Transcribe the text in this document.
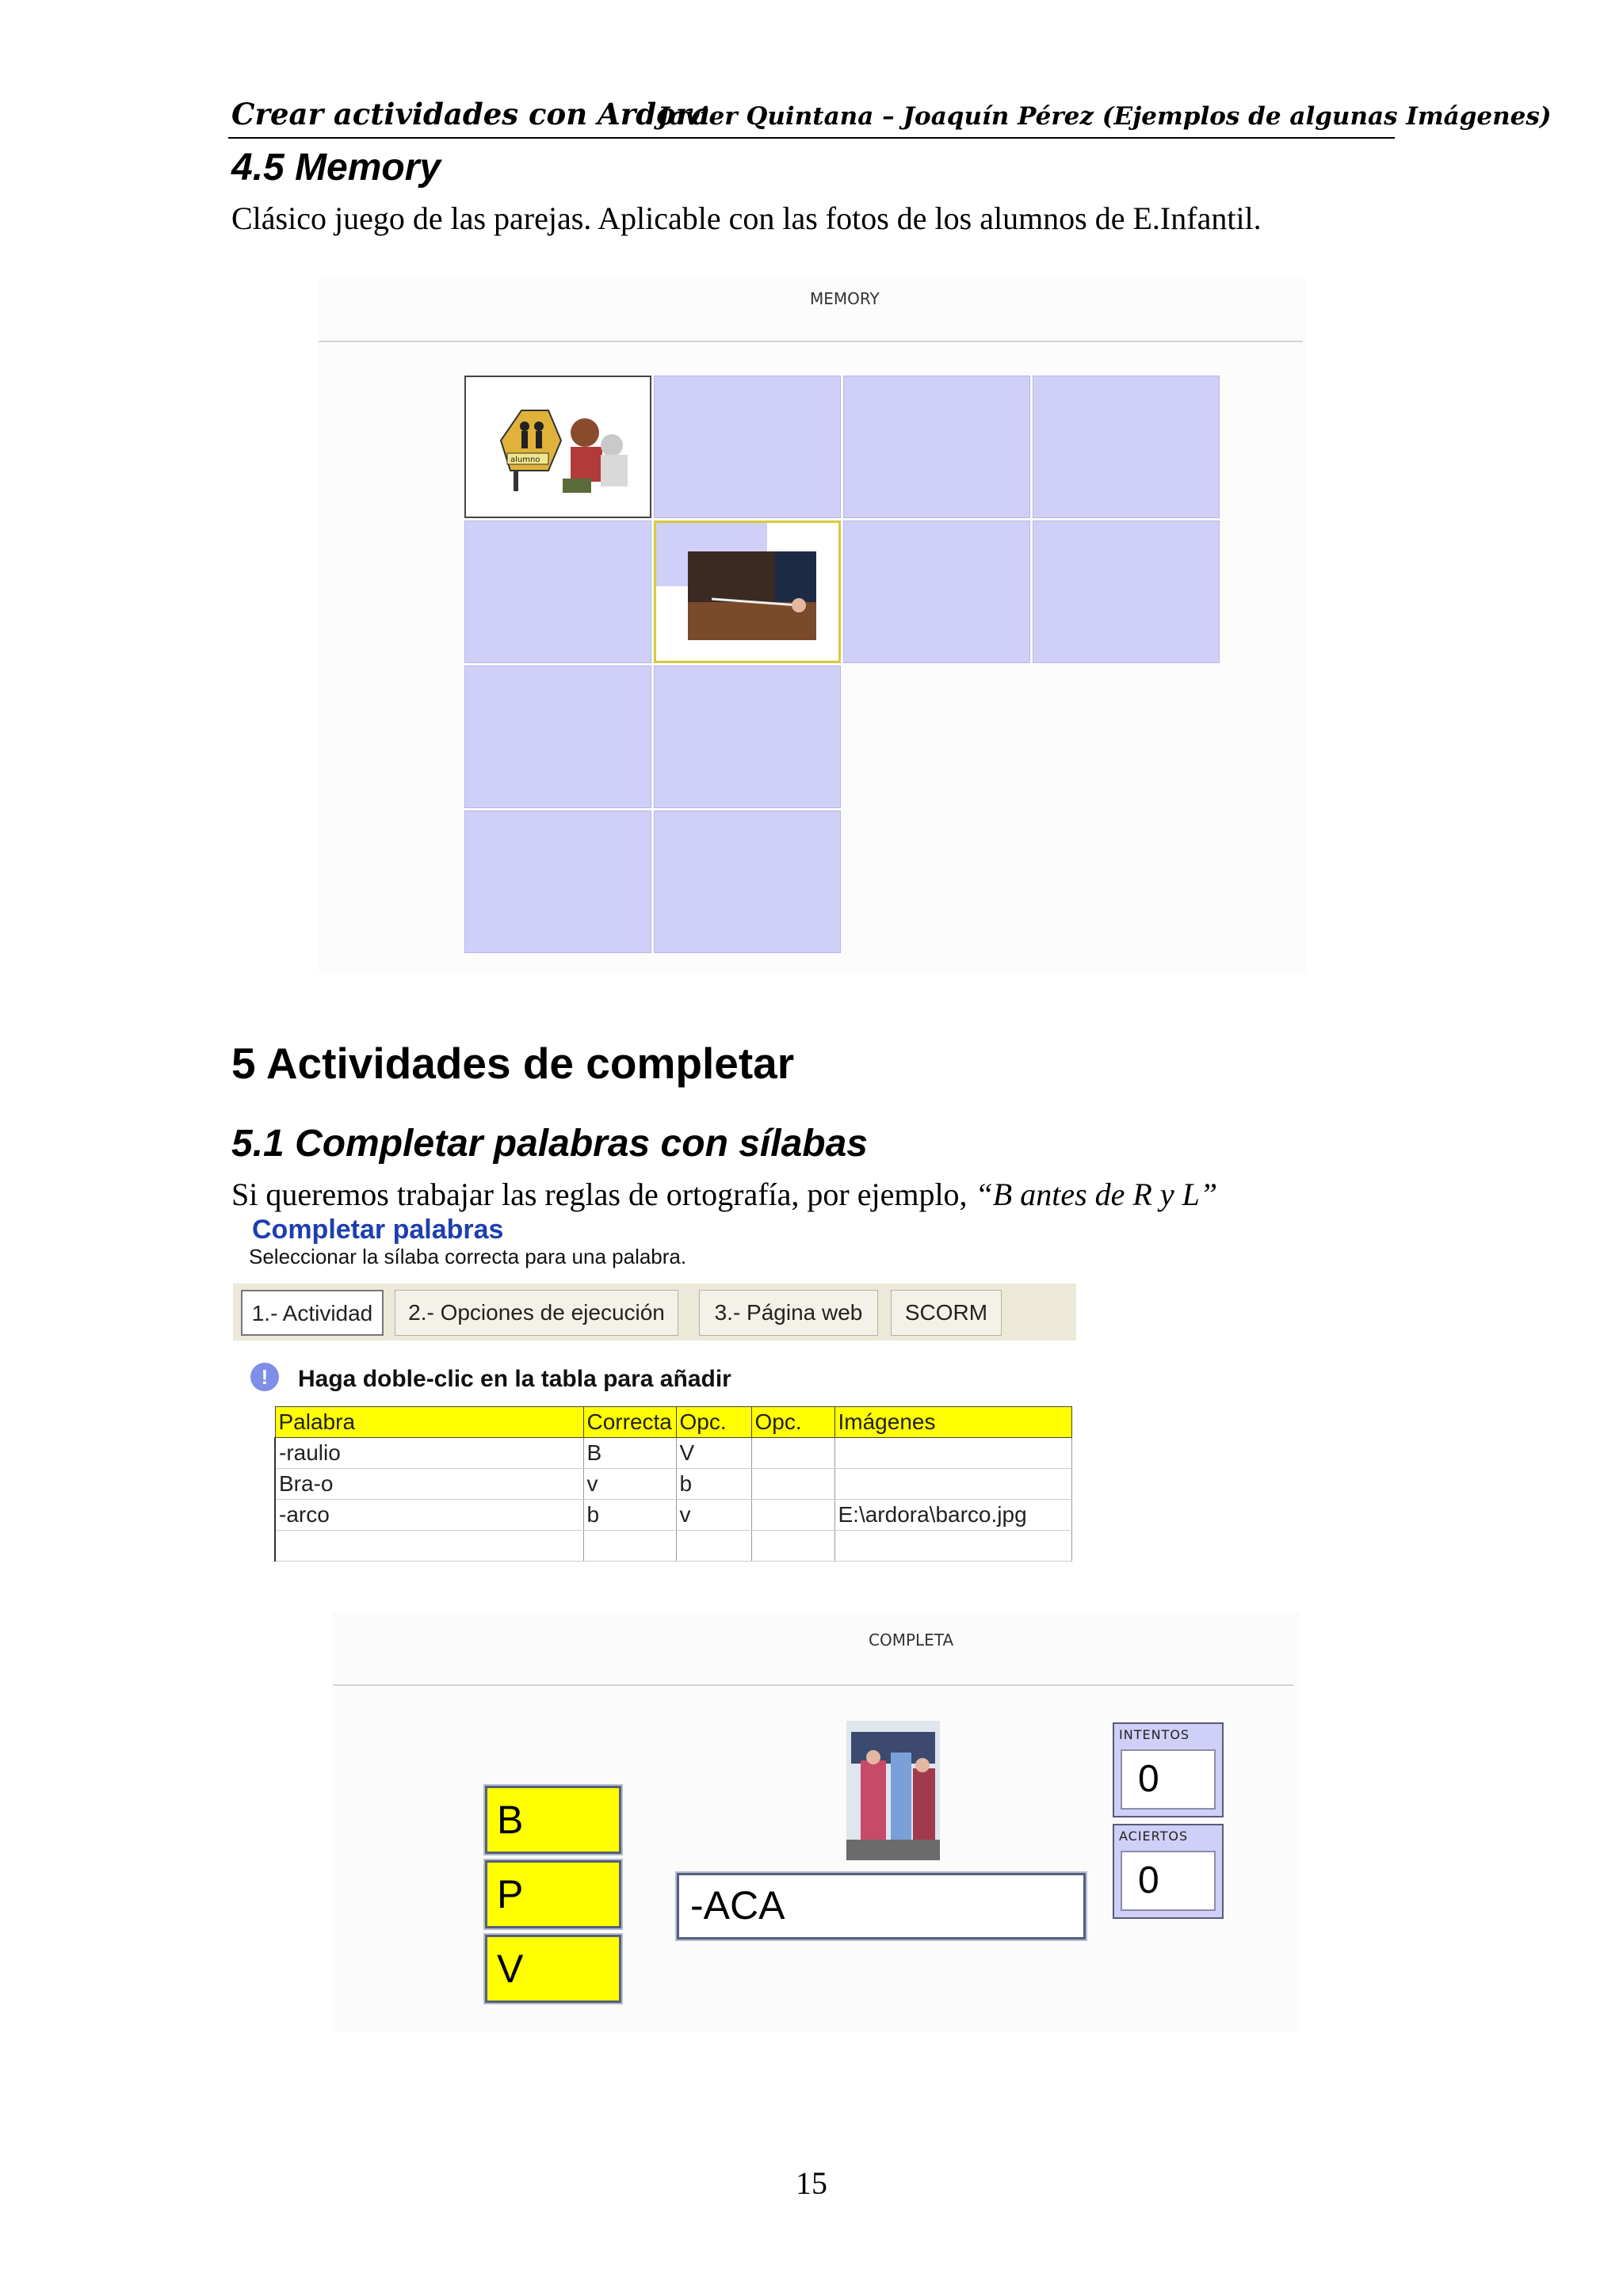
Crear actividades con Ardora
Javier Quintana – Joaquín Pérez (Ejemplos de algunas Imágenes)
4.5 Memory
Clásico juego de las parejas. Aplicable con las fotos de los alumnos de E.Infantil.
MEMORY
alumno
5 Actividades de completar
5.1 Completar palabras con sílabas
Si queremos trabajar las reglas de ortografía, por ejemplo, “B antes de R y L”
Completar palabras
Seleccionar la sílaba correcta para una palabra.
1.- Actividad	2.- Opciones de ejecución	3.- Página web	SCORM
!	Haga doble-clic en la tabla para añadir
Palabra	Correcta	Opc.	Opc.	Imágenes
-raulio	B	V		
Bra-o	v	b		
-arco	b	v		E:\ardora\barco.jpg

COMPLETA
B
P
V
-ACA
INTENTOS
0
ACIERTOS
0
15
